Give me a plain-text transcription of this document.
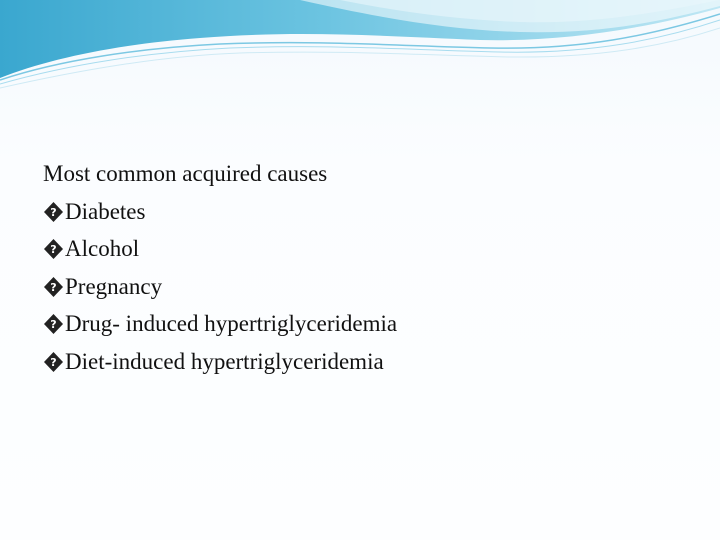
Most common acquired causes
? Diabetes
? Alcohol
? Pregnancy
? Drug- induced hypertriglyceridemia
? Diet-induced hypertriglyceridemia
